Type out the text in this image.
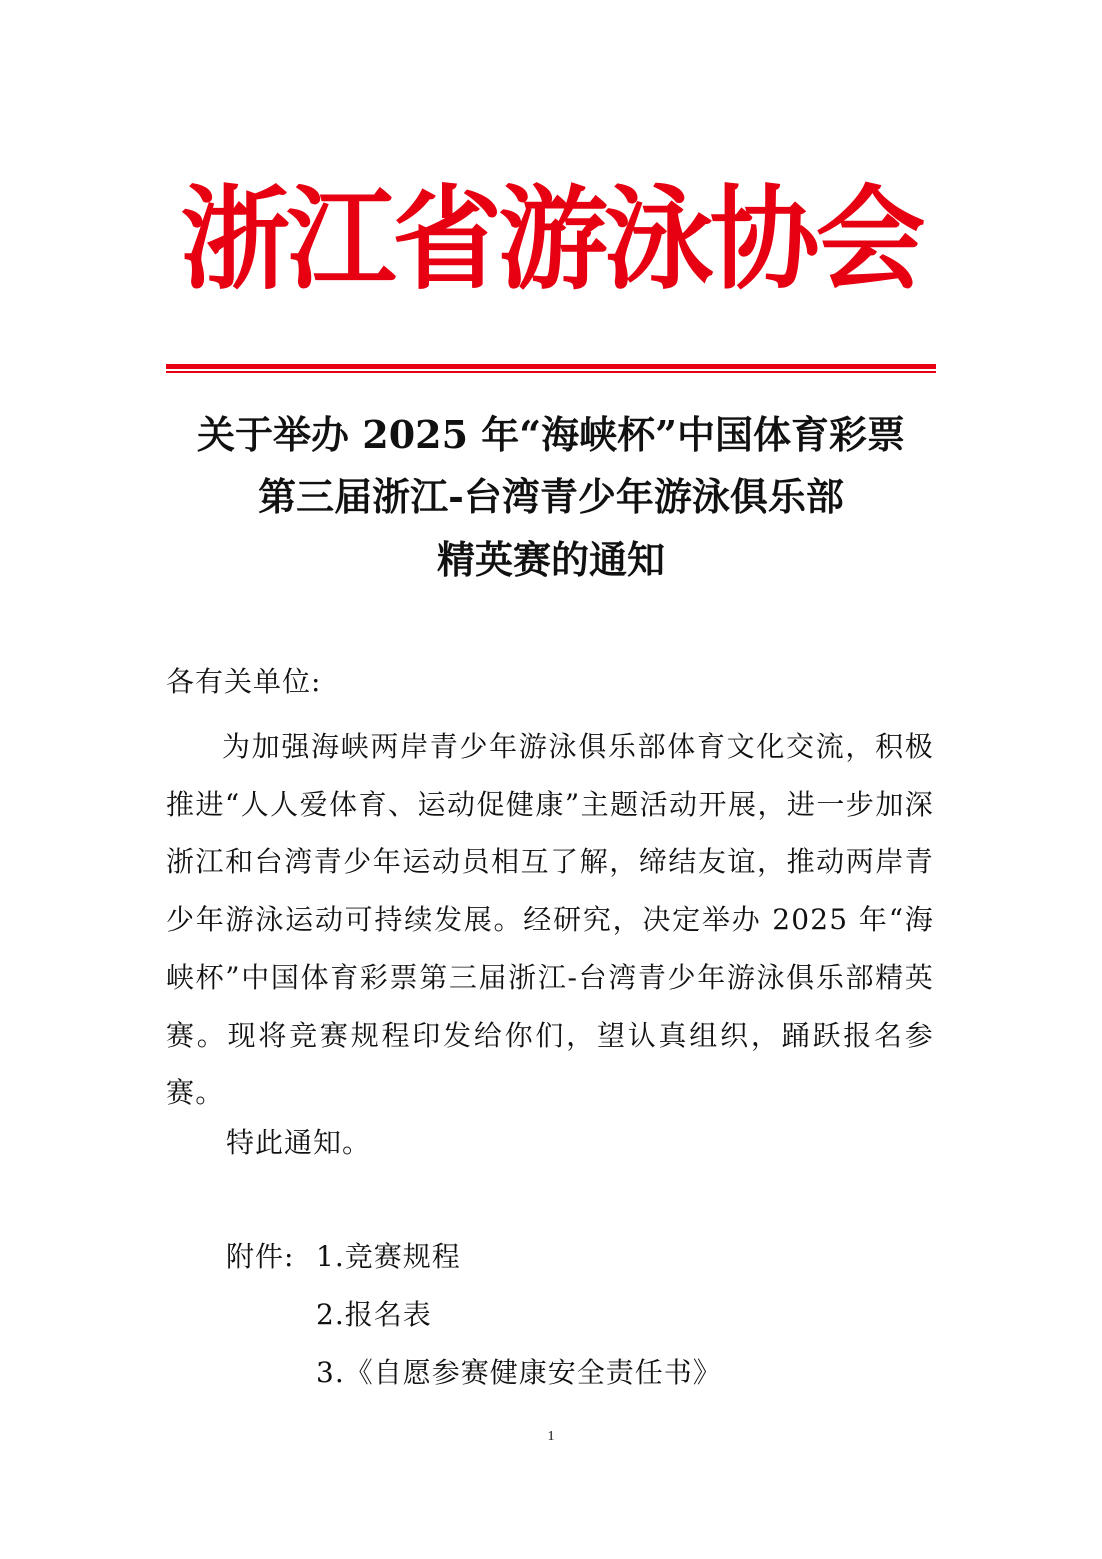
浙江省游泳协会
关于举办 2025 年“海峡杯”中国体育彩票
第三届浙江-台湾青少年游泳俱乐部
精英赛的通知
各有关单位:
为加强海峡两岸青少年游泳俱乐部体育文化交流，积极推进“人人爱体育、运动促健康”主题活动开展，进一步加深浙江和台湾青少年运动员相互了解，缔结友谊，推动两岸青少年游泳运动可持续发展。经研究，决定举办 2025 年“海峡杯”中国体育彩票第三届浙江-台湾青少年游泳俱乐部精英赛。现将竞赛规程印发给你们，望认真组织，踊跃报名参赛。
特此通知。
附件: 1.竞赛规程
2.报名表
3.《自愿参赛健康安全责任书》
1
